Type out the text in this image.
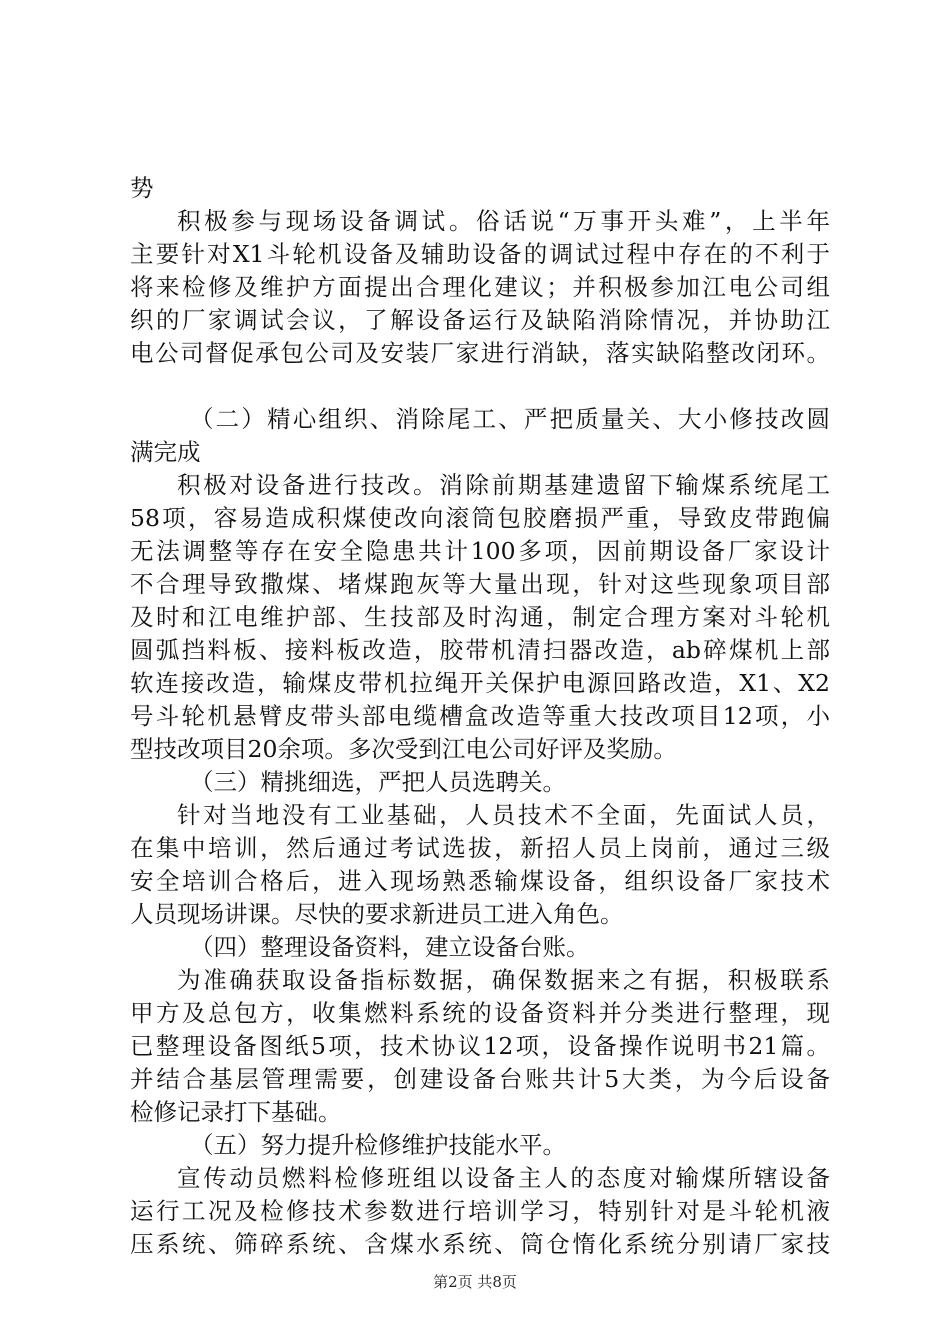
势
积极参与现场设备调试。俗话说“万事开头难”，上半年
主要针对X1斗轮机设备及辅助设备的调试过程中存在的不利于
将来检修及维护方面提出合理化建议；并积极参加江电公司组
织的厂家调试会议，了解设备运行及缺陷消除情况，并协助江
电公司督促承包公司及安装厂家进行消缺，落实缺陷整改闭环。
（二）精心组织、消除尾工、严把质量关、大小修技改圆
满完成
积极对设备进行技改。消除前期基建遗留下输煤系统尾工
58项，容易造成积煤使改向滚筒包胶磨损严重，导致皮带跑偏
无法调整等存在安全隐患共计100多项，因前期设备厂家设计
不合理导致撒煤、堵煤跑灰等大量出现，针对这些现象项目部
及时和江电维护部、生技部及时沟通，制定合理方案对斗轮机
圆弧挡料板、接料板改造，胶带机清扫器改造，ab碎煤机上部
软连接改造，输煤皮带机拉绳开关保护电源回路改造，X1、X2
号斗轮机悬臂皮带头部电缆槽盒改造等重大技改项目12项，小
型技改项目20余项。多次受到江电公司好评及奖励。
（三）精挑细选，严把人员选聘关。
针对当地没有工业基础，人员技术不全面，先面试人员，
在集中培训，然后通过考试选拔，新招人员上岗前，通过三级
安全培训合格后，进入现场熟悉输煤设备，组织设备厂家技术
人员现场讲课。尽快的要求新进员工进入角色。
（四）整理设备资料，建立设备台账。
为准确获取设备指标数据，确保数据来之有据，积极联系
甲方及总包方，收集燃料系统的设备资料并分类进行整理，现
已整理设备图纸5项，技术协议12项，设备操作说明书21篇。
并结合基层管理需要，创建设备台账共计5大类，为今后设备
检修记录打下基础。
（五）努力提升检修维护技能水平。
宣传动员燃料检修班组以设备主人的态度对输煤所辖设备
运行工况及检修技术参数进行培训学习，特别针对是斗轮机液
压系统、筛碎系统、含煤水系统、筒仓惰化系统分别请厂家技
第2页 共8页
